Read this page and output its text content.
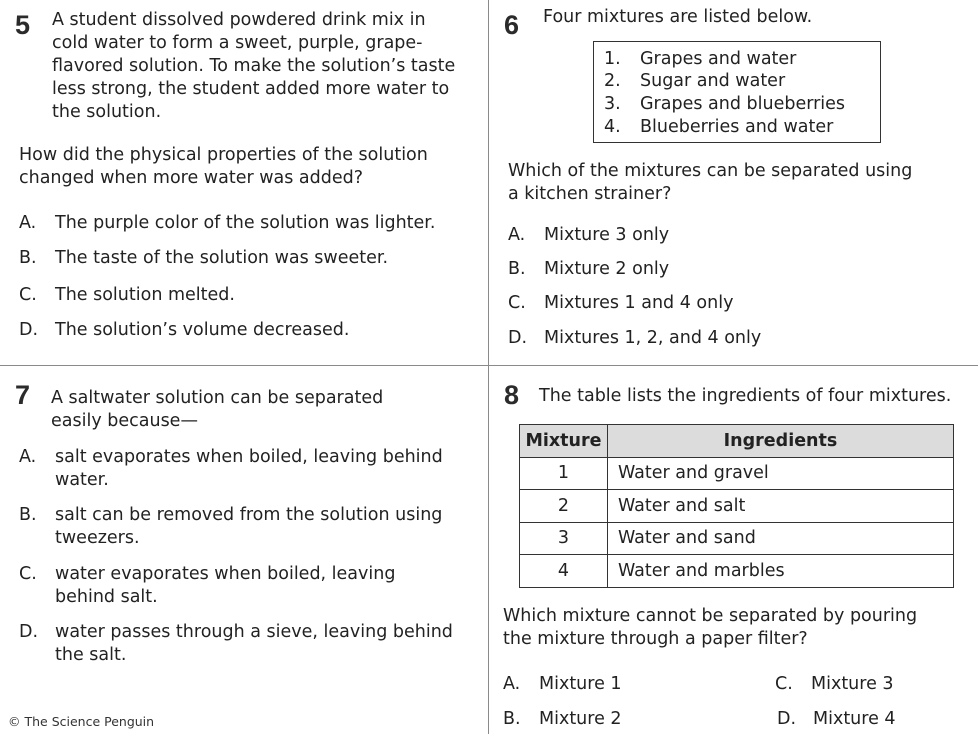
5 A student dissolved powdered drink mix in
cold water to form a sweet, purple, grape-
flavored solution. To make the solution’s taste
less strong, the student added more water to
the solution.
How did the physical properties of the solution
changed when more water was added?
A. The purple color of the solution was lighter.
B. The taste of the solution was sweeter.
C. The solution melted.
D. The solution’s volume decreased.
6 Four mixtures are listed below.
1. Grapes and water
2. Sugar and water
3. Grapes and blueberries
4. Blueberries and water
Which of the mixtures can be separated using
a kitchen strainer?
A. Mixture 3 only
B. Mixture 2 only
C. Mixtures 1 and 4 only
D. Mixtures 1, 2, and 4 only
7 A saltwater solution can be separated
easily because—
A. salt evaporates when boiled, leaving behind
water.
B. salt can be removed from the solution using
tweezers.
C. water evaporates when boiled, leaving
behind salt.
D. water passes through a sieve, leaving behind
the salt.
8 The table lists the ingredients of four mixtures.
Mixture	Ingredients
1	Water and gravel
2	Water and salt
3	Water and sand
4	Water and marbles
Which mixture cannot be separated by pouring
the mixture through a paper filter?
A. Mixture 1	C. Mixture 3
B. Mixture 2	D. Mixture 4
© The Science Penguin
